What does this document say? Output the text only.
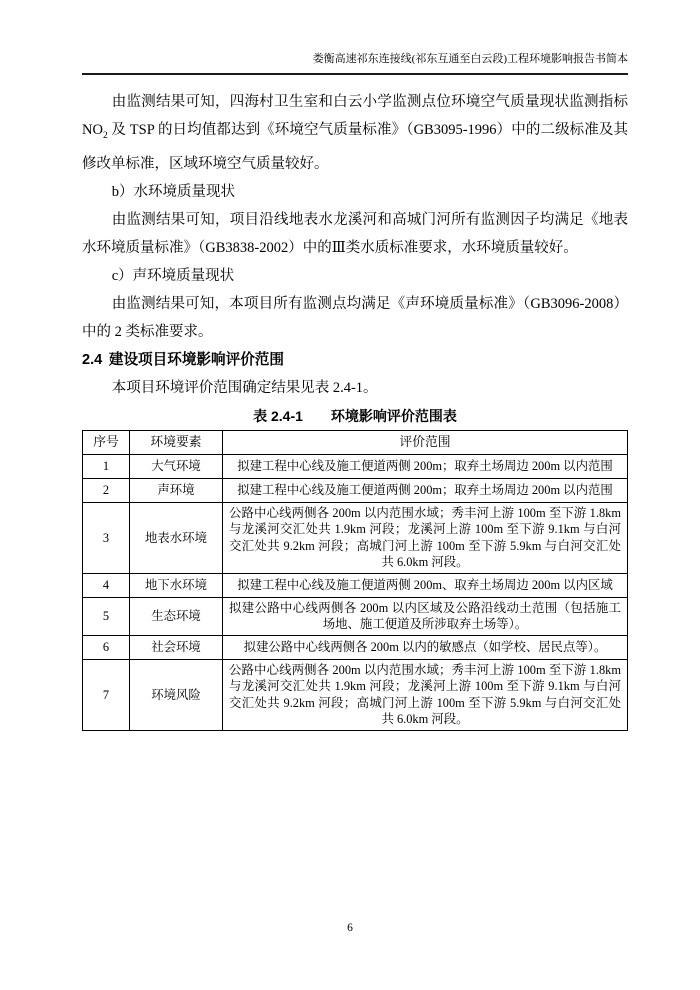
娄衡高速祁东连接线(祁东互通至白云段)工程环境影响报告书简本

由监测结果可知，四海村卫生室和白云小学监测点位环境空气质量现状监测指标 $NO_2$ 及 TSP 的日均值都达到《环境空气质量标准》（GB3095-1996）中的二级标准及其修改单标准，区域环境空气质量较好。

b）水环境质量现状

由监测结果可知，项目沿线地表水龙溪河和高城门河所有监测因子均满足《地表水环境质量标准》（GB3838-2002）中的Ⅲ类水质标准要求，水环境质量较好。

c）声环境质量现状

由监测结果可知，本项目所有监测点均满足《声环境质量标准》（GB3096-2008）中的 2 类标准要求。

2.4 建设项目环境影响评价范围

本项目环境评价范围确定结果见表 2.4-1。

表 2.4-1 环境影响评价范围表
序号	环境要素	评价范围
1	大气环境	拟建工程中心线及施工便道两侧 200m；取弃土场周边 200m 以内范围
2	声环境	拟建工程中心线及施工便道两侧 200m；取弃土场周边 200m 以内范围
3	地表水环境	公路中心线两侧各 200m 以内范围水域；秀丰河上游 100m 至下游 1.8km 与龙溪河交汇处共 1.9km 河段；龙溪河上游 100m 至下游 9.1km 与白河交汇处共 9.2km 河段；高城门河上游 100m 至下游 5.9km 与白河交汇处共 6.0km 河段。
4	地下水环境	拟建工程中心线及施工便道两侧 200m、取弃土场周边 200m 以内区域
5	生态环境	拟建公路中心线两侧各 200m 以内区域及公路沿线动土范围（包括施工场地、施工便道及所涉取弃土场等）。
6	社会环境	拟建公路中心线两侧各 200m 以内的敏感点（如学校、居民点等）。
7	环境风险	公路中心线两侧各 200m 以内范围水域；秀丰河上游 100m 至下游 1.8km 与龙溪河交汇处共 1.9km 河段；龙溪河上游 100m 至下游 9.1km 与白河交汇处共 9.2km 河段；高城门河上游 100m 至下游 5.9km 与白河交汇处共 6.0km 河段。
6
